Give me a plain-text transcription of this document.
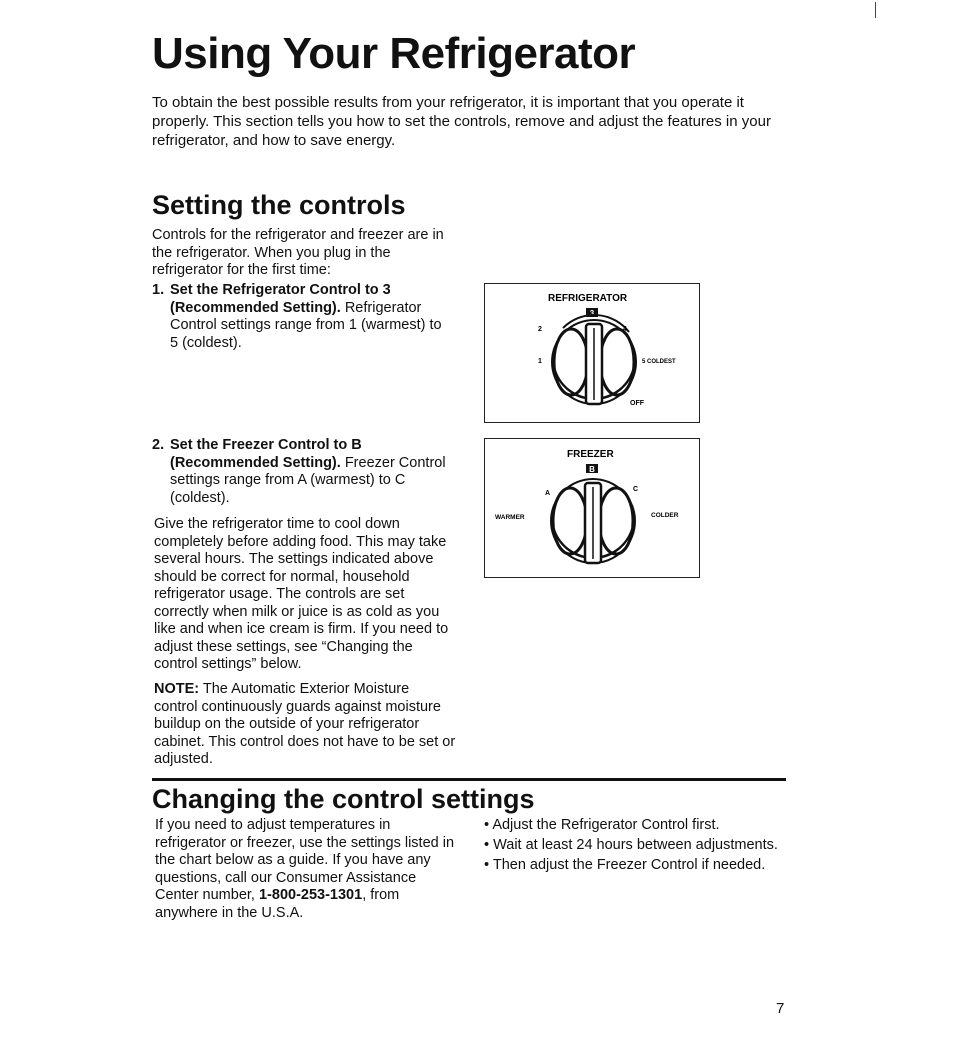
Using Your Refrigerator

To obtain the best possible results from your refrigerator, it is important that you operate it properly. This section tells you how to set the controls, remove and adjust the features in your refrigerator, and how to save energy.

Setting the controls

Controls for the refrigerator and freezer are in the refrigerator. When you plug in the refrigerator for the first time:

1. Set the Refrigerator Control to 3 (Recommended Setting). Refrigerator Control settings range from 1 (warmest) to 5 (coldest).
2. Set the Freezer Control to B (Recommended Setting). Freezer Control settings range from A (warmest) to C (coldest).

Give the refrigerator time to cool down completely before adding food. This may take several hours. The settings indicated above should be correct for normal, household refrigerator usage. The controls are set correctly when milk or juice is as cold as you like and when ice cream is firm. If you need to adjust these settings, see “Changing the control settings” below.

NOTE: The Automatic Exterior Moisture control continuously guards against moisture buildup on the outside of your refrigerator cabinet. This control does not have to be set or adjusted.

REFRIGERATOR
3
1
2	4
5 COLDEST
OFF
FREEZER
B
A
C
WARMER	COLDER
Changing the control settings

If you need to adjust temperatures in refrigerator or freezer, use the settings listed in the chart below as a guide. If you have any questions, call our Consumer Assistance Center number, 1-800-253-1301, from anywhere in the U.S.A.

• Adjust the Refrigerator Control first.
• Wait at least 24 hours between adjustments.
• Then adjust the Freezer Control if needed.
7
